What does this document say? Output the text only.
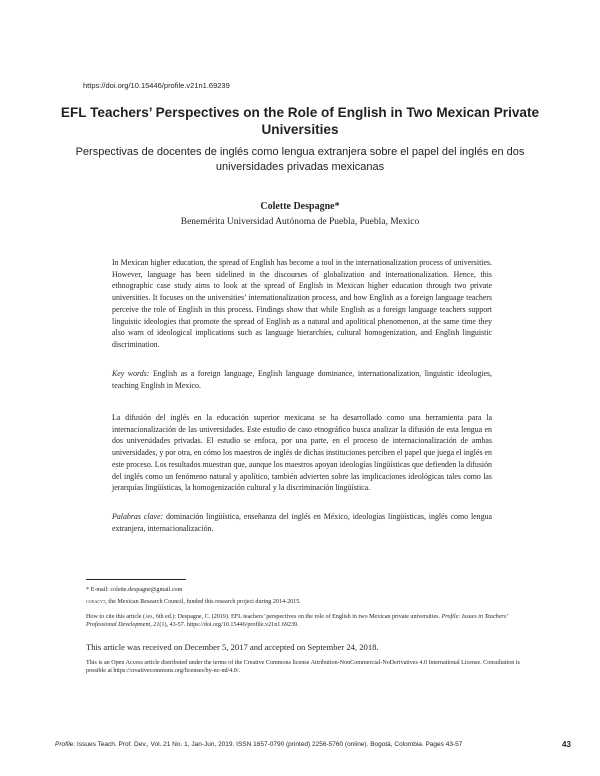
https://doi.org/10.15446/profile.v21n1.69239
EFL Teachers’ Perspectives on the Role of English in Two Mexican Private Universities
Perspectivas de docentes de inglés como lengua extranjera sobre el papel del inglés en dos universidades privadas mexicanas
Colette Despagne*
Benemérita Universidad Autónoma de Puebla, Puebla, Mexico
In Mexican higher education, the spread of English has become a tool in the internationalization process of universities. However, language has been sidelined in the discourses of globalization and internationalization. Hence, this ethnographic case study aims to look at the spread of English in Mexican higher education through two private universities. It focuses on the universities’ internationalization process, and how English as a foreign language teachers perceive the role of English in this process. Findings show that while English as a foreign language teachers support linguistic ideologies that promote the spread of English as a natural and apolitical phenomenon, at the same time they also warn of ideological implications such as language hierarchies, cultural homogenization, and English linguistic discrimination.
Key words: English as a foreign language, English language dominance, internationalization, linguistic ideologies, teaching English in Mexico.
La difusión del inglés en la educación superior mexicana se ha desarrollado como una herramienta para la internacionalización de las universidades. Este estudio de caso etnográfico busca analizar la difusión de esta lengua en dos universidades privadas. El estudio se enfoca, por una parte, en el proceso de internacionalización de ambas universidades, y por otra, en cómo los maestros de inglés de dichas instituciones perciben el papel que juega el inglés en este proceso. Los resultados muestran que, aunque los maestros apoyan ideologías lingüísticas que defienden la difusión del inglés como un fenómeno natural y apolítico, también advierten sobre las implicaciones ideológicas tales como las jerarquías lingüísticas, la homogenización cultural y la discriminación lingüística.
Palabras clave: dominación lingüística, enseñanza del inglés en México, ideologías lingüísticas, inglés como lengua extranjera, internacionalización.
* E-mail: colette.despagne@gmail.com
conacyt, the Mexican Research Council, funded this research project during 2014-2015.
How to cite this article (apa, 6th ed.): Despagne, C. (2019). EFL teachers’ perspectives on the role of English in two Mexican private universities. Profile: Issues in Teachers’ Professional Development, 21(1), 43-57. https://doi.org/10.15446/profile.v21n1.69239.
This article was received on December 5, 2017 and accepted on September 24, 2018.
This is an Open Access article distributed under the terms of the Creative Commons license Attribution-NonCommercial-NoDerivatives 4.0 International License. Consultation is possible at https://creativecommons.org/licenses/by-nc-nd/4.0/.
Profile: Issues Teach. Prof. Dev., Vol. 21 No. 1, Jan-Jun, 2019. ISSN 1657-0790 (printed) 2256-5760 (online). Bogotá, Colombia. Pages 43-57	43
